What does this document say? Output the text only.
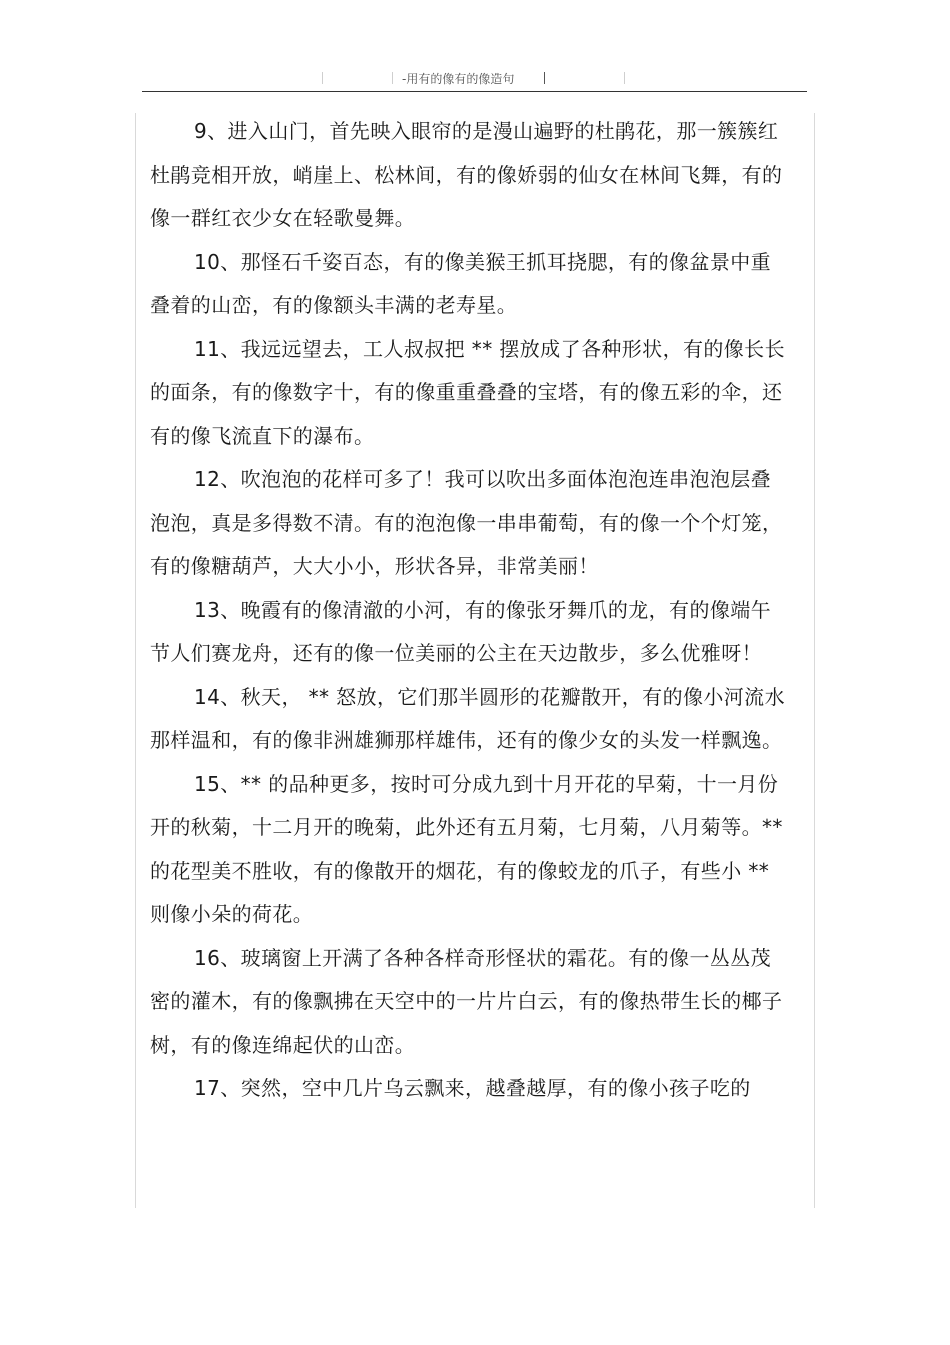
-用有的像有的像造句

9、进入山门，首先映入眼帘的是漫山遍野的杜鹃花，那一簇簇红杜鹃竞相开放，峭崖上、松林间，有的像娇弱的仙女在林间飞舞，有的像一群红衣少女在轻歌曼舞。

10、那怪石千姿百态，有的像美猴王抓耳挠腮，有的像盆景中重叠着的山峦，有的像额头丰满的老寿星。

11、我远远望去，工人叔叔把 ** 摆放成了各种形状，有的像长长的面条，有的像数字十，有的像重重叠叠的宝塔，有的像五彩的伞，还有的像飞流直下的瀑布。

12、吹泡泡的花样可多了！我可以吹出多面体泡泡连串泡泡层叠泡泡，真是多得数不清。有的泡泡像一串串葡萄，有的像一个个灯笼，有的像糖葫芦，大大小小，形状各异，非常美丽！

13、晚霞有的像清澈的小河，有的像张牙舞爪的龙，有的像端午节人们赛龙舟，还有的像一位美丽的公主在天边散步，多么优雅呀！

14、秋天， ** 怒放，它们那半圆形的花瓣散开，有的像小河流水那样温和，有的像非洲雄狮那样雄伟，还有的像少女的头发一样飘逸。

15、** 的品种更多，按时可分成九到十月开花的早菊，十一月份开的秋菊，十二月开的晚菊，此外还有五月菊，七月菊，八月菊等。** 的花型美不胜收，有的像散开的烟花，有的像蛟龙的爪子，有些小 ** 则像小朵的荷花。

16、玻璃窗上开满了各种各样奇形怪状的霜花。有的像一丛丛茂密的灌木，有的像飘拂在天空中的一片片白云，有的像热带生长的椰子树，有的像连绵起伏的山峦。

17、突然，空中几片乌云飘来，越叠越厚，有的像小孩子吃的
